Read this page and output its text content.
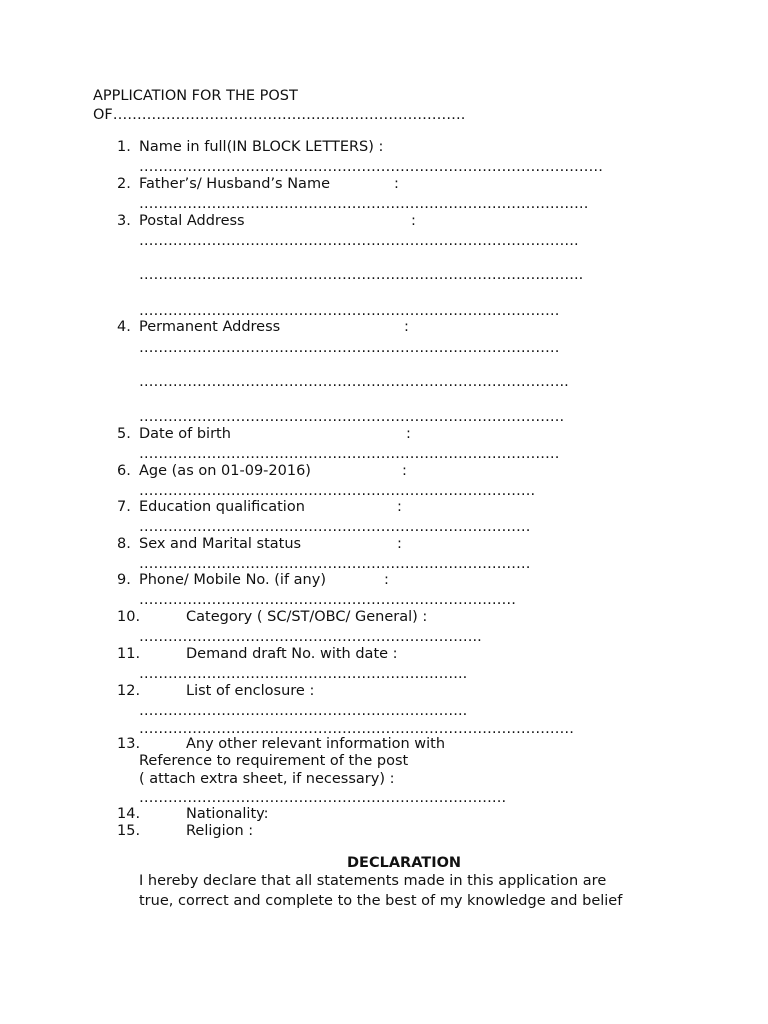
APPLICATION FOR THE POST
OF……………………………………………………………….
1. Name in full(IN BLOCK LETTERS) :
……………………………………………………………………………………
2. Father’s/ Husband’s Name	:
…………………………………………………………………………………
3. Postal Address	:
……………………………………………………………………………….
………………………………………………………………………………..
……………………………………………………………………………
4. Permanent Address	:
……………………………………………………………………………
……………………………………………………………………………..
…………………………………………………………………………….
5. Date of birth	:
……………………………………………………………………………
6. Age (as on 01-09-2016)	:
……………………………………………………………………….
7. Education qualification	:
………………………………………………………………………
8. Sex and Marital status	:
………………………………………………………………………
9. Phone/ Mobile No. (if any)	:
……………………………………………………………………
10.	Category ( SC/ST/OBC/ General) :
……………………………………………………………..
11.	Demand draft No. with date :
…………………………………………………………..
12.	List of enclosure :
…………………………………………………………..
………………………………………………………………………………
13.	Any other relevant information with
Reference to requirement of the post
( attach extra sheet, if necessary) :
………………………………………………………………….
14.	Nationality:
15.	Religion :
DECLARATION
I hereby declare that all statements made in this application are
true, correct and complete to the best of my knowledge and belief
